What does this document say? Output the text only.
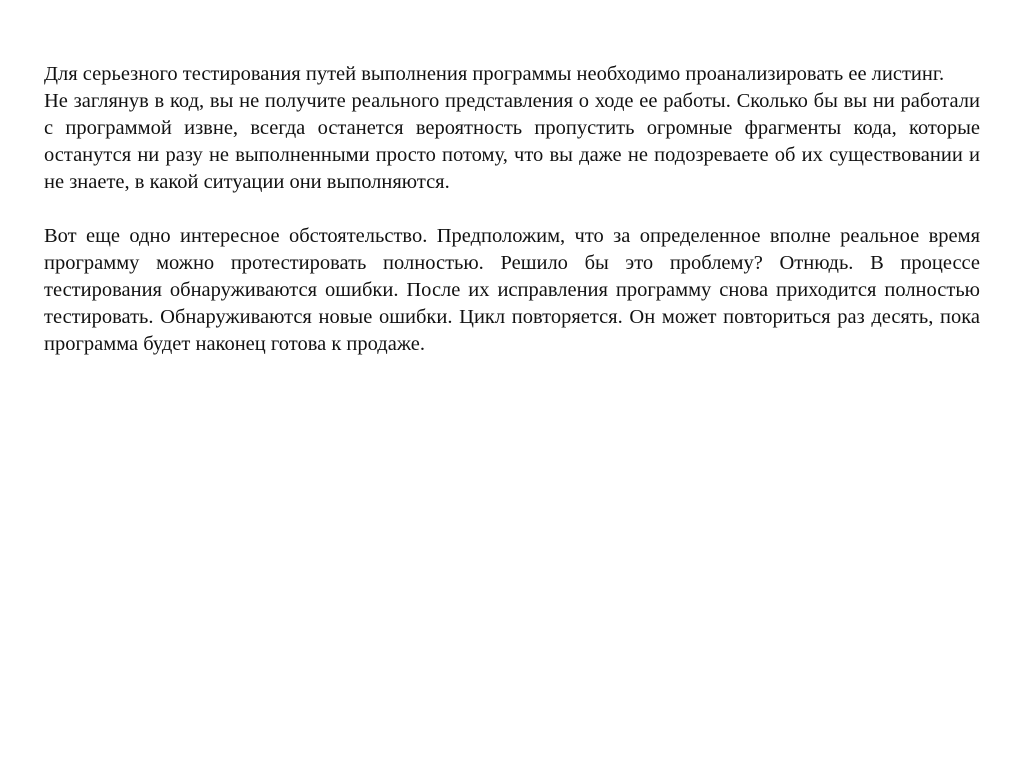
Для серьезного тестирования путей выполнения программы необходимо проанализировать ее листинг.

Не заглянув в код, вы не получите реального представления о ходе ее работы. Сколько бы вы ни работали с программой извне, всегда останется вероятность пропустить огромные фрагменты кода, которые останутся ни разу не выполненными просто потому, что вы даже не подозреваете об их существовании и не знаете, в какой ситуации они выполняются.

Вот еще одно интересное обстоятельство. Предположим, что за определенное вполне реальное время программу можно протестировать полностью. Решило бы это проблему? Отнюдь. В процессе тестирования обнаруживаются ошибки. После их исправления программу снова приходится полностью тестировать. Обнаруживаются новые ошибки. Цикл повторяется. Он может повториться раз десять, пока программа будет наконец готова к продаже.
